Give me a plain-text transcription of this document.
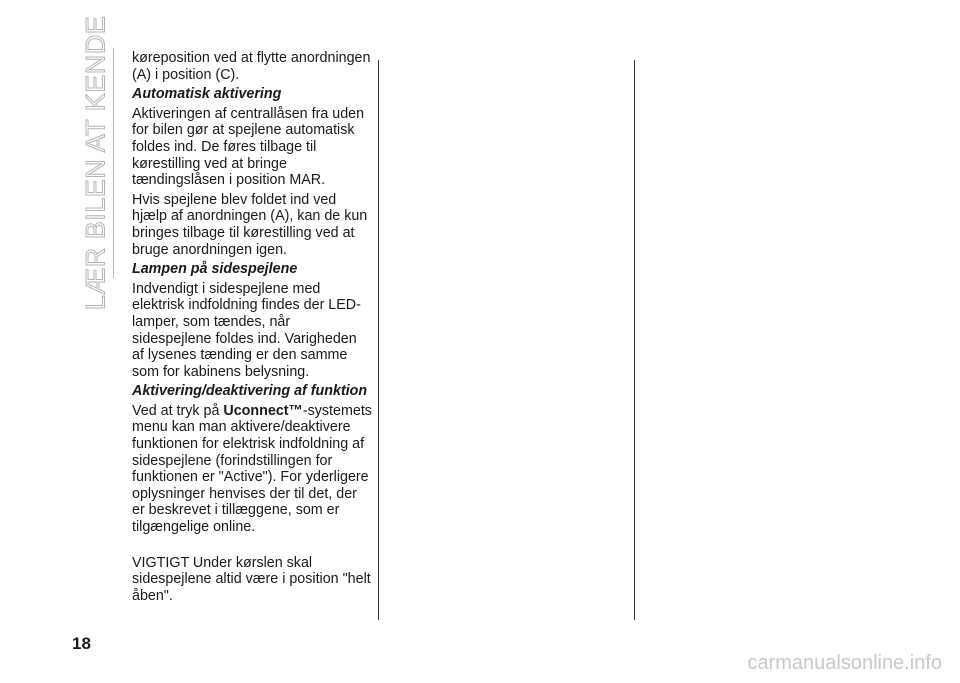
LÆR BILEN AT KENDE køreposition ved at flytte anordningen (A) i position (C).

Automatisk aktivering

Aktiveringen af centrallåsen fra uden for bilen gør at spejlene automatisk foldes ind. De føres tilbage til kørestilling ved at bringe tændingslåsen i position MAR.

Hvis spejlene blev foldet ind ved hjælp af anordningen (A), kan de kun bringes tilbage til kørestilling ved at bruge anordningen igen.

Lampen på sidespejlene

Indvendigt i sidespejlene med elektrisk indfoldning findes der LED-lamper, som tændes, når sidespejlene foldes ind. Varigheden af lysenes tænding er den samme som for kabinens belysning.

Aktivering/deaktivering af funktion

Ved at tryk på Uconnect™-systemets menu kan man aktivere/deaktivere funktionen for elektrisk indfoldning af sidespejlene (forindstillingen for funktionen er "Active"). For yderligere oplysninger henvises der til det, der er beskrevet i tillæggene, som er tilgængelige online.

VIGTIGT Under kørslen skal sidespejlene altid være i position "helt åben".

18
carmanualsonline.info
